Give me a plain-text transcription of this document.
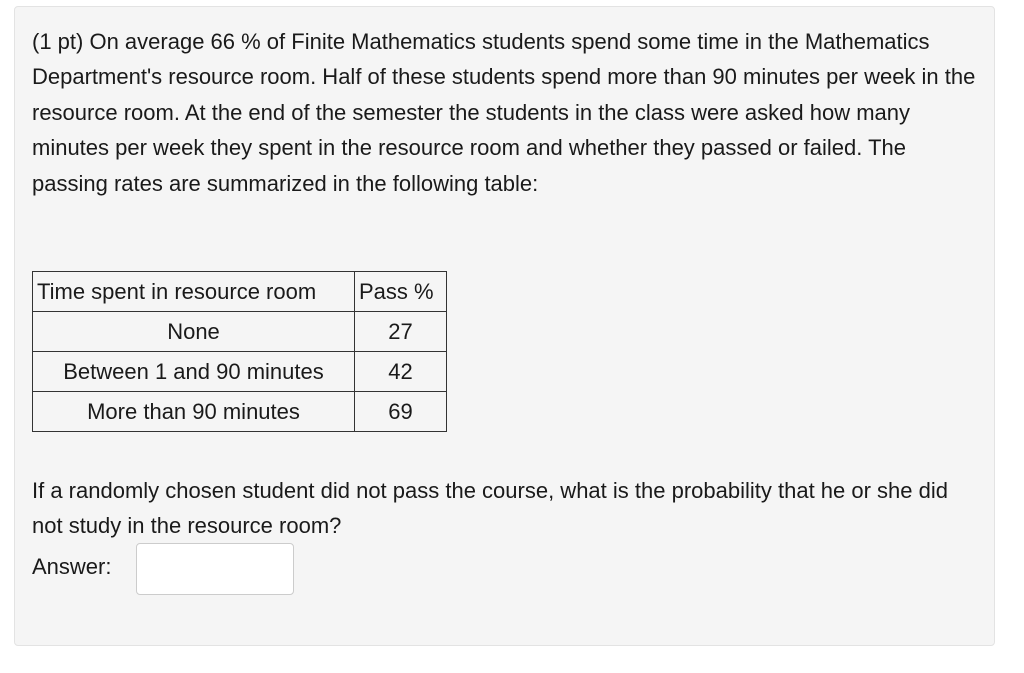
(1 pt) On average 66 % of Finite Mathematics students spend some time in the Mathematics Department's resource room. Half of these students spend more than 90 minutes per week in the resource room. At the end of the semester the students in the class were asked how many minutes per week they spent in the resource room and whether they passed or failed. The passing rates are summarized in the following table:

Time spent in resource room	Pass %
None	27
Between 1 and 90 minutes	42
More than 90 minutes	69

If a randomly chosen student did not pass the course, what is the probability that he or she did not study in the resource room?

Answer:
